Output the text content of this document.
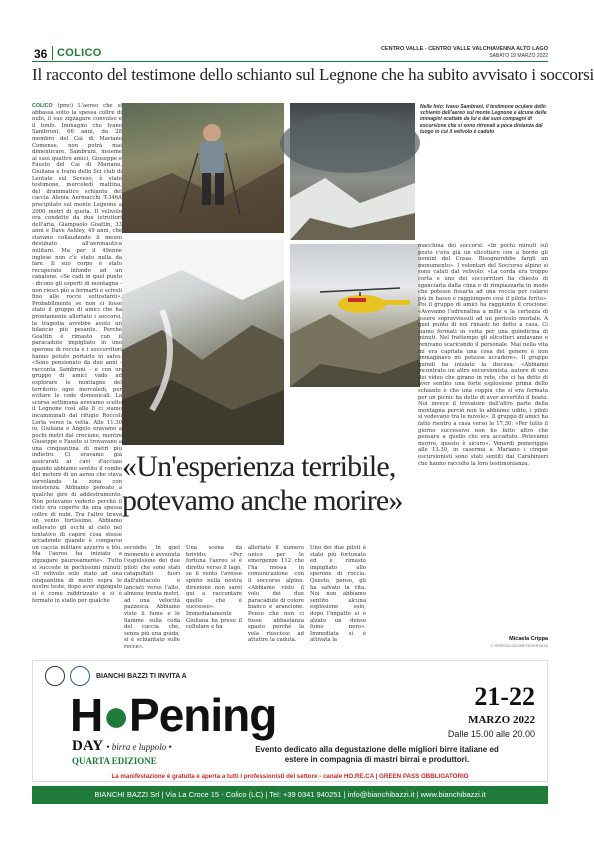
36 COLICO	CENTRO VALLE - CENTRO VALLE VALCHIAVENNA ALTO LAGO
SABATO 19 MARZO 2022
Il racconto del testimone dello schianto sul Legnone che ha subito avvisato i soccorsi

COLICO (pmc) L'aereo che si abbassa sotto la spessa coltre di nubi, il suo zigzagare convulso e il tonfo. Immagini che Ivano Sambruni, 66 anni, da 28 membro del Cai di Mariano Comense, non potrà mai dimenticare. Sambruni, insieme ai suoi quattro amici, Giuseppe e Fausto del Cai di Mariano, Giuliana e Ivano dello Sci club di Lentate sul Seveso, è stato testimone, mercoledì mattina, del drammatico schianto del caccia Alenia Aermacchi T-346A precipitato sul monte Legnone a 2000 metri di quota. Il velivolo era condotto da due istruttori dell'aria, Giampaolo Goattin, 33 anni e Dave Ashley, 49 anni, che stavano collaudando il mezzo destinato all'aeronautica militare. Ma per il 49enne inglese non c'è stato nulla da fare. Il suo corpo è stato recuperato infondo ad un canalone. «Se cadi in quel punto - dicono gli esperti di montagna - non riesci più a fermarti e scivoli fino alle rocce sottostanti». Probabilmente se non ci fosse stato il gruppo di amici che ha prontamente allertato i soccorsi, la tragedia avrebbe avuto un bilancio più pesante. Perché Goattin è rimasto con il paracadute impigliato in uno sperone di roccia e i soccorritori hanno potuto portarlo in salvo. «Sono pensionato da due anni - racconta Sambruni - e con un gruppo di amici vado ad esplorare le montagne del territorio ogni mercoledì, per evitare le code domenicali. La scorsa settimana avevamo scelto il Legnone così alle 8 ci siamo incamminati dal rifugio Roccoli Lorla verso la vetta. Alle 11.30 io, Giuliana e Angelo eravamo a pochi metri dal crocione, mentre Giuseppe e Fausto si trovavano a una cinquantina di metri più indietro. Ci eravamo già assicurati ai cavi d'acciaio quando abbiamo sentito il rombo del motore di un aereo che stava sorvolando la zona con insistenza. Abbiamo pensato a qualche giro di addestramento. Non potevamo vederlo perché il cielo era coperto da una spessa coltre di nubi. Tra l'altro tirava un vento fortissimo. Abbiamo sollevato gli occhi al cielo nel tentativo di capire cosa stesse accadendo quando è comparso un caccia militare azzurro e blu. Ma l'aereo ha iniziato a zigzagare paurosamente». Tutto si succede in pochissimi minuti: «Il velivolo solo stato ad una cinquantina di metri sopra le nostre teste, dopo aver zigzagato si è come raddrizzato e si è fermato in stallo per qualche

Nelle foto: Ivano Sambrani, il testimone oculare dello schianto dell'aereo sul monte Legnone e alcune delle immagini scattate da lui e dai suoi compagni di escursione che si sono ritrovati a poca distanza dal luogo in cui il velivolo è caduto

macchina dei soccorsi: «In pochi minuti sul posto c'era già un elicottero con a bordo gli uomini del Cnsas. Bisognerebbe fargli un monumento». I volontari del Soccorso alpino si sono calati dal velivolo: «La corda era troppo corta e uno dei soccorritori ha chiesto di sganciarla dalla cima e di rimpiazzarla in modo che potesse fissarla ad una roccia per calarsi più in basso e raggiungere così il pilota ferito». Poi il gruppo di amici ha raggiunto il crocione: «Avevamo l'adrenalina a mille e la certezza di essere sopravvissuti ad un pericolo mortale. A quel punto di noi rimasti ho detto a casa. Ci siamo fermati in vetta per una quindicina di minuti. Nel frattempo gli elicotteri andavano e venivano scaricando il personale. Mai nella vita mi era capitata una cosa del genere e non immaginavo mi potesse accadere». Il gruppo quindi ha iniziato la discesa: «Abbiamo incontrato un altro escursionista, autore di uno dei video che girano in rete, che ci ha detto di aver sentito una forte esplosione prima dello schianto e che una coppia che si era fermata per un picnic ha detto di aver avvertito il boato. Noi invece il trovatore dall'altro parte della montagna perciò non lo abbiamo udito, i piloti si vedevano tra le nuvole». Il gruppo di amici ha fatto rientro a casa verso le 17,30: «Per tutto il giorno successivo non ho fatto altro che pensare a quello che era accaduto. Potevamo morire, questo è sicuro». Venerdì pomeriggio alle 13.30, in caserma a Mariano i cinque escursionisti sono stati sentiti dai Carabinieri che hanno raccolto la loro testimonianza.

«Un'esperienza terribile, potevamo anche morire»
secondo. In quel momento è avvenuta l'espulsione dei due piloti che sono stati catapultati fuori dall'abitacolo e lanciati verso l'alto, almeno trenta metri, ad una velocità pazzesca. Abbiamo visto il fumo e le fiamme sulla coda del caccia che, senza più una guida, si è schiantato sulle rocce».
Una scena da brivido: «Per fortuna l'aereo si è diretto verso il lago, se il vento l'avesse spinto nella nostra direzione non sarei qui a raccontare quello che è successo». Immediatamente Giuliana ha preso il cellulare e ha
allertato il numero unico per le emergenze 112 che l'ha messa in comunicazione con il soccorso alpino. «Abbiamo visto il volo dei due paracadute di colore bianco e arancione. Penso che non ci fosse abbastanza spazio perché la vela riuscisse ad attutire la caduta.
Uno dei due piloti è stato più fortunato ed è rimasto impigliato allo sperone di roccia. Questo, penso, gli ha salvato la vita. Noi non abbiamo sentito alcuna esplosione solo, dopo l'impatto si è alzato un denso fumo nero». Immediata si è attivata la	Micaela Crippa
© RIPRODUZIONE RISERVATA
BIANCHI BAZZI TI INVITA A
H●Pening
DAY • birra e luppolo •
QUARTA EDIZIONE
21-22
MARZO 2022
Dalle 15.00 alle 20.00
Evento dedicato alla degustazione delle migliori birre italiane ed estere in compagnia di mastri birrai e produttori.
La manifestazione è gratuita e aperta a tutti i professionisti del settore - canale HO.RE.CA | GREEN PASS OBBLIGATORIO
BIANCHI BAZZI Srl | Via La Croce 15 - Colico (LC) | Tel: +39 0341 940251 | info@bianchibazzi.it | www.bianchibazzi.it
